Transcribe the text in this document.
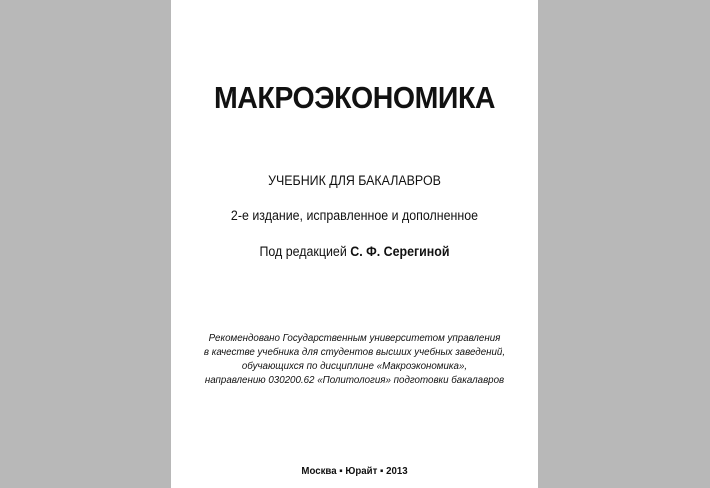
МАКРОЭКОНОМИКА
УЧЕБНИК ДЛЯ БАКАЛАВРОВ
2-е издание, исправленное и дополненное
Под редакцией С. Ф. Серегиной
Рекомендовано Государственным университетом управления
в качестве учебника для студентов высших учебных заведений,
обучающихся по дисциплине «Макроэкономика»,
направлению 030200.62 «Политология» подготовки бакалавров
Москва ▪ Юрайт ▪ 2013
